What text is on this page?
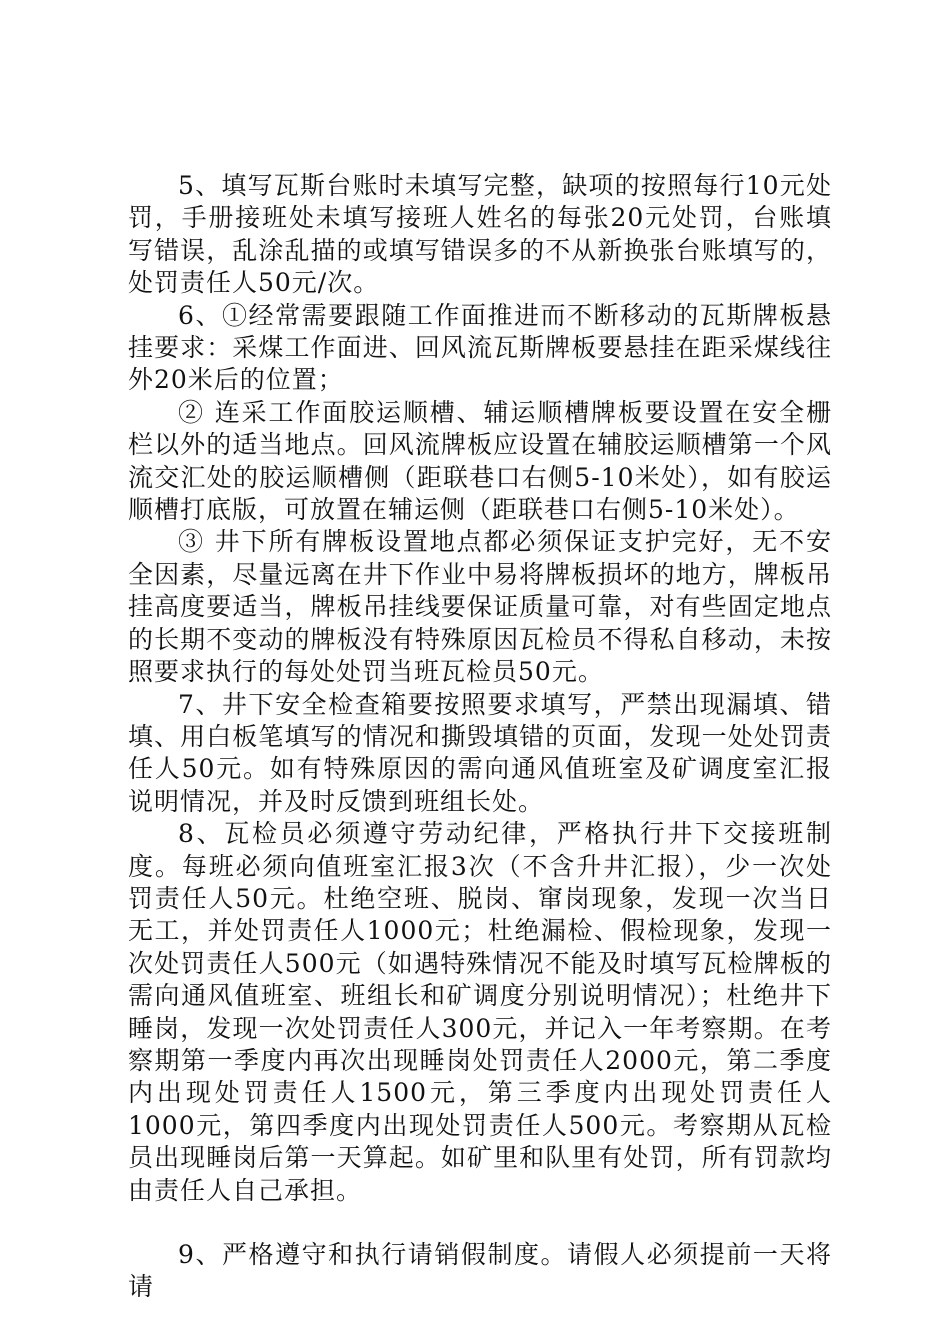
5、填写瓦斯台账时未填写完整，缺项的按照每行10元处罚，手册接班处未填写接班人姓名的每张20元处罚，台账填写错误，乱涂乱描的或填写错误多的不从新换张台账填写的，处罚责任人50元/次。

6、①经常需要跟随工作面推进而不断移动的瓦斯牌板悬挂要求：采煤工作面进、回风流瓦斯牌板要悬挂在距采煤线往外20米后的位置；

② 连采工作面胶运顺槽、辅运顺槽牌板要设置在安全栅栏以外的适当地点。回风流牌板应设置在辅胶运顺槽第一个风流交汇处的胶运顺槽侧（距联巷口右侧5-10米处），如有胶运顺槽打底版，可放置在辅运侧（距联巷口右侧5-10米处）。

③ 井下所有牌板设置地点都必须保证支护完好，无不安全因素，尽量远离在井下作业中易将牌板损坏的地方，牌板吊挂高度要适当，牌板吊挂线要保证质量可靠，对有些固定地点的长期不变动的牌板没有特殊原因瓦检员不得私自移动，未按照要求执行的每处处罚当班瓦检员50元。

7、井下安全检查箱要按照要求填写，严禁出现漏填、错填、用白板笔填写的情况和撕毁填错的页面，发现一处处罚责任人50元。如有特殊原因的需向通风值班室及矿调度室汇报说明情况，并及时反馈到班组长处。

8、瓦检员必须遵守劳动纪律，严格执行井下交接班制度。每班必须向值班室汇报3次（不含升井汇报），少一次处罚责任人50元。杜绝空班、脱岗、窜岗现象，发现一次当日无工，并处罚责任人1000元；杜绝漏检、假检现象，发现一次处罚责任人500元（如遇特殊情况不能及时填写瓦检牌板的需向通风值班室、班组长和矿调度分别说明情况）；杜绝井下睡岗，发现一次处罚责任人300元，并记入一年考察期。在考察期第一季度内再次出现睡岗处罚责任人2000元，第二季度内出现处罚责任人1500元，第三季度内出现处罚责任人1000元，第四季度内出现处罚责任人500元。考察期从瓦检员出现睡岗后第一天算起。如矿里和队里有处罚，所有罚款均由责任人自己承担。

9、严格遵守和执行请销假制度。请假人必须提前一天将请
